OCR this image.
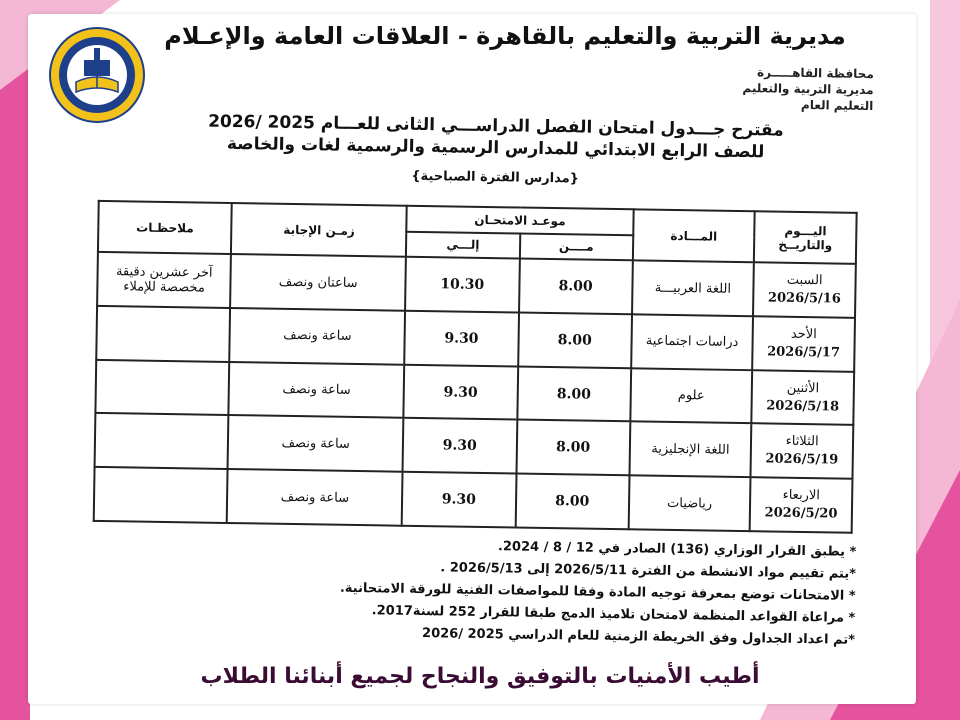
مديرية التربية والتعليم بالقاهرة - العلاقات العامة والإعـلام
محافظة القاهـــــرة
مديرية التربية والتعليم
التعليم العام
مقترح جـــدول امتحان الفصل الدراســـي الثانى للعـــام 2025 /2026
للصف الرابع الابتدائي للمدارس الرسمية والرسمية لغات والخاصة
{مدارس الفترة الصباحية}
اليـــوم والتاريــخ	المـــادة	موعـد الامتحـان		زمـن الإجابة	ملاحظـات
		مــــن	إلـــي		
السبت
2026/5/16	اللغة العربيـــة	8.00	10.30	ساعتان ونصف	آخر عشرين دقيقة مخصصة للإملاء
الأحد
2026/5/17	دراسات اجتماعية	8.00	9.30	ساعة ونصف	
الأثنين
2026/5/18	علوم	8.00	9.30	ساعة ونصف	
الثلاثاء
2026/5/19	اللغة الإنجليزية	8.00	9.30	ساعة ونصف	
الاربعاء
2026/5/20	رياضيات	8.00	9.30	ساعة ونصف	
* يطبق القرار الوزاري (136) الصادر في 12 / 8 / 2024.
*يتم تقييم مواد الانشطة من الفترة 2026/5/11 إلى 2026/5/13 .
* الامتحانات توضع بمعرفة توجيه المادة وفقا للمواصفات الفنية للورقة الامتحانية.
* مراعاة القواعد المنظمة لامتحان تلاميذ الدمج طبقا للقرار 252 لسنة2017.
*تم اعداد الجداول وفق الخريطة الزمنية للعام الدراسي 2025 /2026
أطيب الأمنيات بالتوفيق والنجاح لجميع أبنائنا الطلاب
